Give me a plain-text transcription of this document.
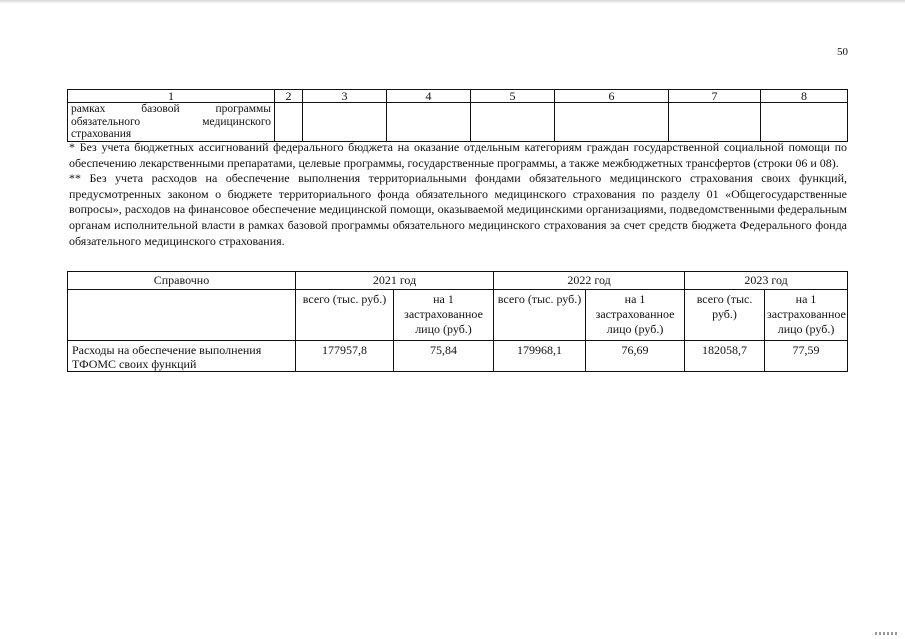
50
1	2	3	4	5	6	7	8
рамках базовой программы обязательного медицинского страхования							

* Без учета бюджетных ассигнований федерального бюджета на оказание отдельным категориям граждан государственной социальной помощи по обеспечению лекарственными препаратами, целевые программы, государственные программы, а также межбюджетных трансфертов (строки 06 и 08).

** Без учета расходов на обеспечение выполнения территориальными фондами обязательного медицинского страхования своих функций, предусмотренных законом о бюджете территориального фонда обязательного медицинского страхования по разделу 01 «Общегосударственные вопросы», расходов на финансовое обеспечение медицинской помощи, оказываемой медицинскими организациями, подведомственными федеральным органам исполнительной власти в рамках базовой программы обязательного медицинского страхования за счет средств бюджета Федерального фонда обязательного медицинского страхования.

Справочно	2021 год		2022 год		2023 год	
	всего (тыс. руб.)	на 1 застрахованное лицо (руб.)	всего (тыс. руб.)	на 1 застрахованное лицо (руб.)	всего (тыс. руб.)	на 1 застрахованное лицо (руб.)
Расходы на обеспечение выполнения ТФОМС своих функций	177957,8	75,84	179968,1	76,69	182058,7	77,59
